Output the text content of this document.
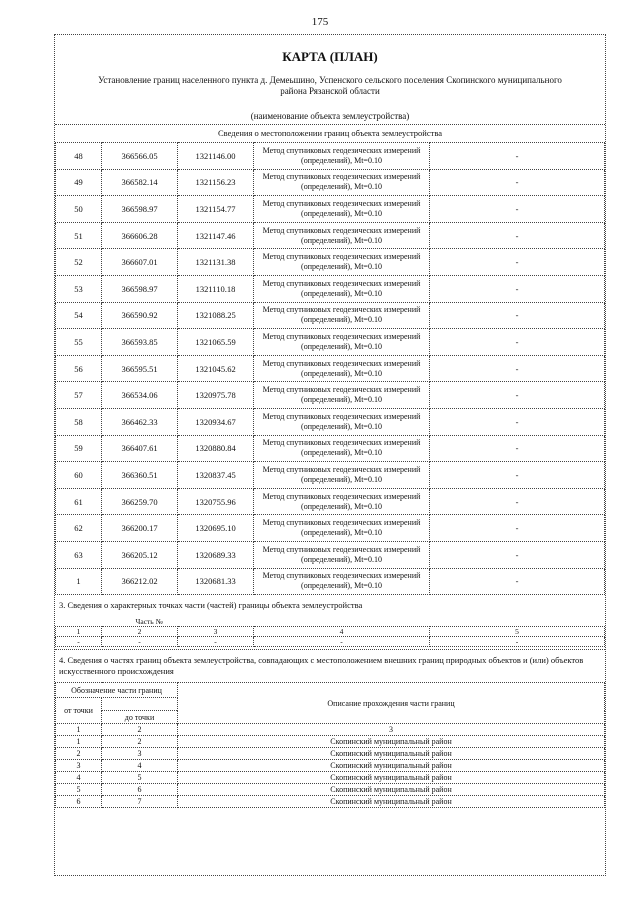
175
КАРТА (ПЛАН)
Установление границ населенного пункта д. Демеьшино, Успенского сельского поселения Скопинского муниципального района Рязанской области
(наименование объекта землеустройства)
Сведения о местоположении границ объекта землеустройства
48	366566.05	1321146.00	Метод спутниковых геодезических измерений (определений), Mt=0.10	-
49	366582.14	1321156.23	Метод спутниковых геодезических измерений (определений), Mt=0.10	-
50	366598.97	1321154.77	Метод спутниковых геодезических измерений (определений), Mt=0.10	-
51	366606.28	1321147.46	Метод спутниковых геодезических измерений (определений), Mt=0.10	-
52	366607.01	1321131.38	Метод спутниковых геодезических измерений (определений), Mt=0.10	-
53	366598.97	1321110.18	Метод спутниковых геодезических измерений (определений), Mt=0.10	-
54	366590.92	1321088.25	Метод спутниковых геодезических измерений (определений), Mt=0.10	-
55	366593.85	1321065.59	Метод спутниковых геодезических измерений (определений), Mt=0.10	-
56	366595.51	1321045.62	Метод спутниковых геодезических измерений (определений), Mt=0.10	-
57	366534.06	1320975.78	Метод спутниковых геодезических измерений (определений), Mt=0.10	-
58	366462.33	1320934.67	Метод спутниковых геодезических измерений (определений), Mt=0.10	-
59	366407.61	1320880.84	Метод спутниковых геодезических измерений (определений), Mt=0.10	-
60	366360.51	1320837.45	Метод спутниковых геодезических измерений (определений), Mt=0.10	-
61	366259.70	1320755.96	Метод спутниковых геодезических измерений (определений), Mt=0.10	-
62	366200.17	1320695.10	Метод спутниковых геодезических измерений (определений), Mt=0.10	-
63	366205.12	1320689.33	Метод спутниковых геодезических измерений (определений), Mt=0.10	-
1	366212.02	1320681.33	Метод спутниковых геодезических измерений (определений), Mt=0.10	-
3. Сведения о характерных точках части (частей) границы объекта землеустройства
Часть №				
1	2	3	4	5
-	-	-	-	-
4. Сведения о частях границ объекта землеустройства, совпадающих с местоположением внешних границ природных объектов и (или) объектов искусственного происхождения
Обозначение части границ		Описание прохождения части границ
от точки		
	до точки	
1	2	3
1	2	Скопинский муниципальный район
2	3	Скопинский муниципальный район
3	4	Скопинский муниципальный район
4	5	Скопинский муниципальный район
5	6	Скопинский муниципальный район
6	7	Скопинский муниципальный район
